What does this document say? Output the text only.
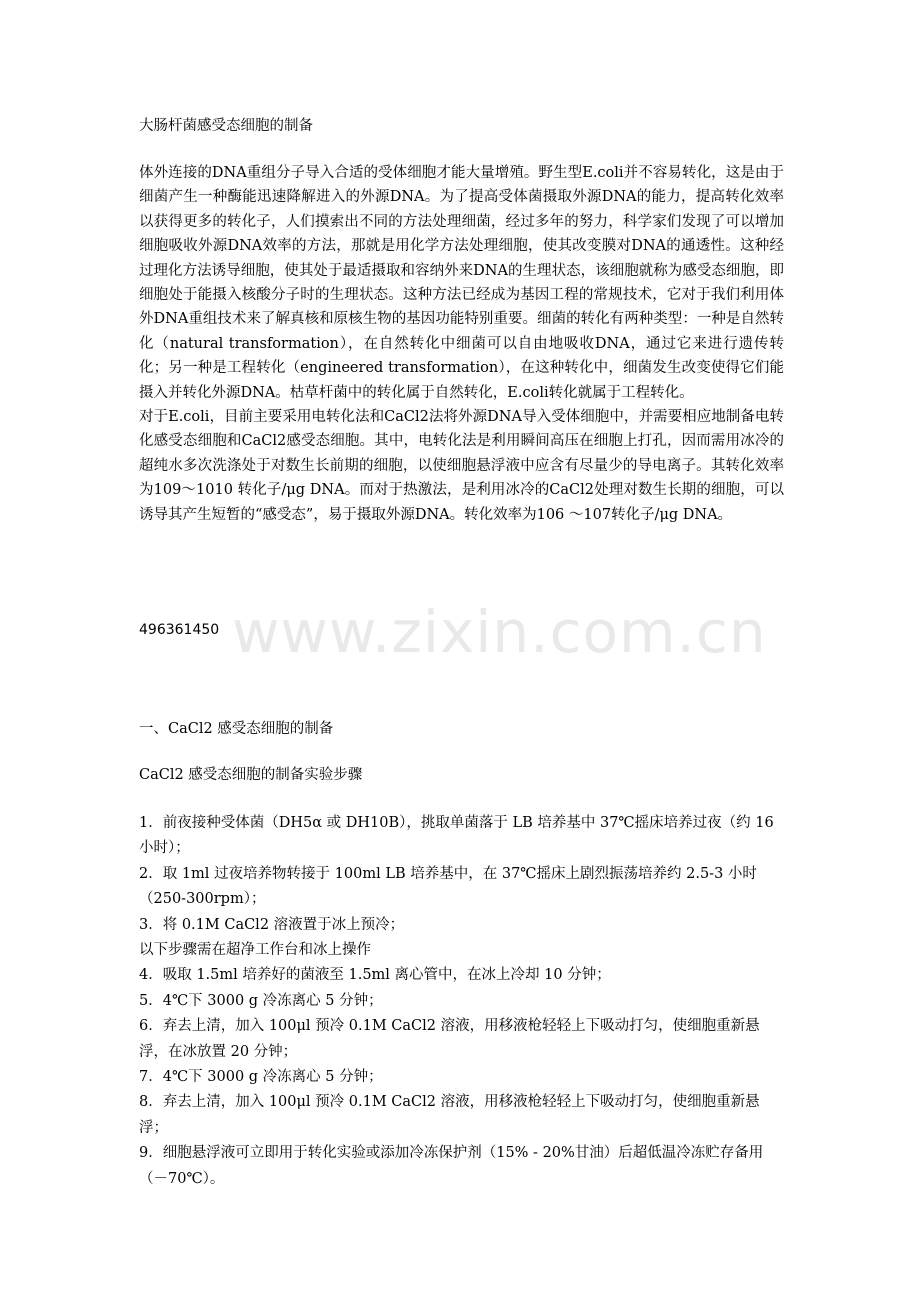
www.zixin.com.cn
大肠杆菌感受态细胞的制备

体外连接的DNA重组分子导入合适的受体细胞才能大量增殖。野生型E.coli并不容易转化，这是由于细菌产生一种酶能迅速降解进入的外源DNA。为了提高受体菌摄取外源DNA的能力，提高转化效率以获得更多的转化子，人们摸索出不同的方法处理细菌，经过多年的努力，科学家们发现了可以增加细胞吸收外源DNA效率的方法，那就是用化学方法处理细胞，使其改变膜对DNA的通透性。这种经过理化方法诱导细胞，使其处于最适摄取和容纳外来DNA的生理状态，该细胞就称为感受态细胞，即细胞处于能摄入核酸分子时的生理状态。这种方法已经成为基因工程的常规技术，它对于我们利用体外DNA重组技术来了解真核和原核生物的基因功能特别重要。细菌的转化有两种类型：一种是自然转化（natural transformation），在自然转化中细菌可以自由地吸收DNA，通过它来进行遗传转化；另一种是工程转化（engineered transformation），在这种转化中，细菌发生改变使得它们能摄入并转化外源DNA。枯草杆菌中的转化属于自然转化，E.coli转化就属于工程转化。

对于E.coli，目前主要采用电转化法和CaCl2法将外源DNA导入受体细胞中，并需要相应地制备电转化感受态细胞和CaCl2感受态细胞。其中，电转化法是利用瞬间高压在细胞上打孔，因而需用冰冷的超纯水多次洗涤处于对数生长前期的细胞，以使细胞悬浮液中应含有尽量少的导电离子。其转化效率为109～1010 转化子/μg DNA。而对于热激法，是利用冰冷的CaCl2处理对数生长期的细胞，可以诱导其产生短暂的“感受态”，易于摄取外源DNA。转化效率为106 ～107转化子/μg DNA。

496361450
一、CaCl2 感受态细胞的制备
CaCl2 感受态细胞的制备实验步骤

1．前夜接种受体菌（DH5α 或 DH10B），挑取单菌落于 LB 培养基中 37℃摇床培养过夜（约 16 小时）；

2．取 1ml 过夜培养物转接于 100ml LB 培养基中，在 37℃摇床上剧烈振荡培养约 2.5-3 小时（250-300rpm）；

3．将 0.1M CaCl2 溶液置于冰上预冷；

以下步骤需在超净工作台和冰上操作

4．吸取 1.5ml 培养好的菌液至 1.5ml 离心管中，在冰上冷却 10 分钟；

5．4℃下 3000 g 冷冻离心 5 分钟；

6．弃去上清，加入 100μl 预冷 0.1M CaCl2 溶液，用移液枪轻轻上下吸动打匀，使细胞重新悬浮，在冰放置 20 分钟；

7．4℃下 3000 g 冷冻离心 5 分钟；

8．弃去上清，加入 100μl 预冷 0.1M CaCl2 溶液，用移液枪轻轻上下吸动打匀，使细胞重新悬浮；

9．细胞悬浮液可立即用于转化实验或添加冷冻保护剂（15% - 20%甘油）后超低温冷冻贮存备用（－70℃）。
